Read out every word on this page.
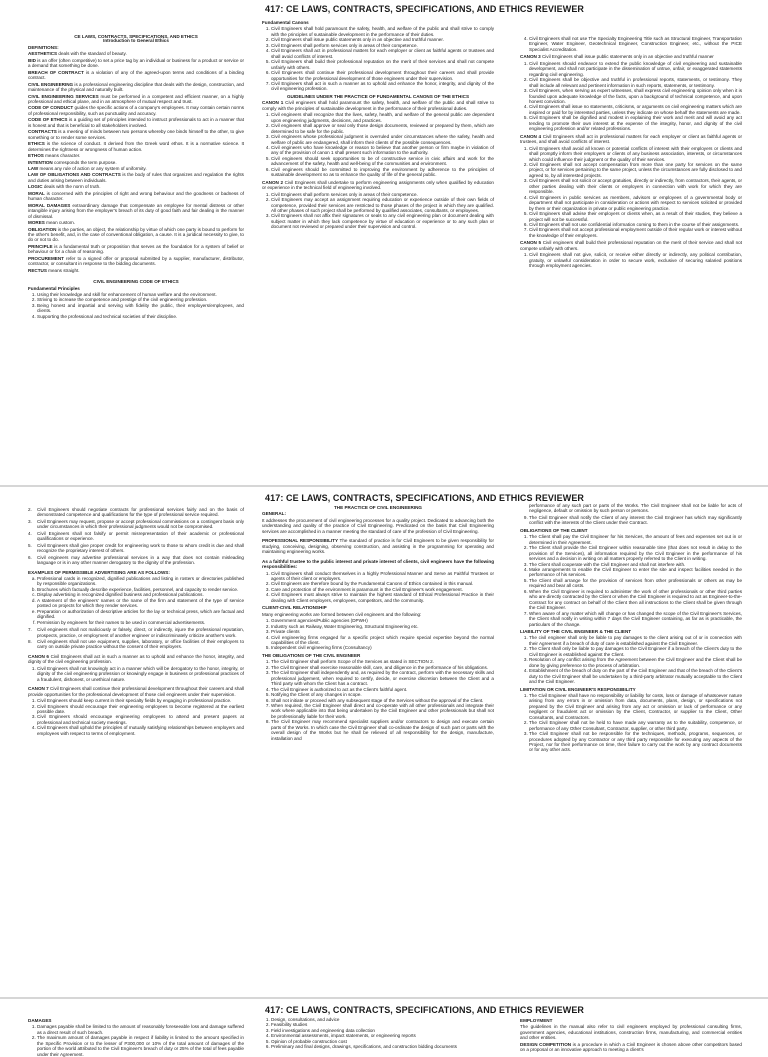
417: CE LAWS, CONTRACTS, SPECIFICATIONS, AND ETHICS REVIEWER

CE LAWS, CONTRACTS, SPECIFICATIONS, AND ETHICS

Introduction to General Ethics

DEFINITIONS:

AESTHETICS deals with the standard of beauty.

BID is an offer (often competitive) to set a price tag by an individual or business for a product or service or a demand that something be done.

BREACH OF CONTRACT is a violation of any of the agreed-upon terms and conditions of a binding contract.

CIVIL ENGINEERING is a professional engineering discipline that deals with the design, construction, and maintenance of the physical and naturally built.

CIVIL ENGINEERING SERVICES must be performed in a competent and efficient manner, on a highly professional and ethical plane, and in an atmosphere of mutual respect and trust.

CODE OF CONDUCT guides the specific actions of a company's employees. It may contain certain norms of professional responsibility, such as punctuality and accuracy.

CODE OF ETHICS is a guiding set of principles intended to instruct professionals to act in a manner that is honest and that is beneficial to all stakeholders involved.

CONTRACTS is a meeting of minds between two persons whereby one binds himself to the other, to give something or to render some services.

ETHICS is the science of conduct. It derived from the Greek word ethos. It is a normative science. It determines the rightness or wrongness of human action.

ETHOS means character.

INTENTION corresponds the term purpose.

LAW means any rule of action or any system of uniformity.

LAW OF OBLIGATIONS AND CONTRACTS is the body of rules that organizes and regulation the rights and duties arising between individuals.

LOGIC deals with the norm of truth.

MORAL is concerned with the principles of right and wrong behaviour and the goodness or badness of human character.

MORAL DAMAGES extraordinary damage that compensate an employee for mental distress or other intangible injury arising from the employer's breach of its duty of good faith and fair dealing in the manner of dismissal.

MORES mean custom.

OBLIGATION is the parties, an object, the relationship by virtue of which one party is bound to perform for the other's benefit, and, in the case of conventional obligation, a cause. It is a juridical necessity to give, to do or not to do.

PRINCIPLE is a fundamental truth or proposition that serves as the foundation for a system of belief or behaviour or for a chain of reasoning.

PROCUREMENT refer to a signed offer or proposal submitted by a supplier, manufacturer, distributor, contractor, or consultant in response to the bidding documents.

RECTUS means straight.

CIVIL ENGINEERING CODE OF ETHICS

Fundamental Principles

1. Using their knowledge and skill for enhancement of human welfare and the environment.
2. Striving to increase the competence and prestige of the civil engineering profession.
3. Being honest and impartial and serving with fidelity the public, their employers/employees, and clients.
4. Supporting the professional and technical societies of their discipline.

Fundamental Canons

1. Civil Engineers shall hold paramount the safety, health, and welfare of the public and shall strive to comply with the principles of sustainable development in the performance of their duties.
2. Civil Engineers shall issue public statements only in an objective and truthful manner.
3. Civil Engineers shall perform services only in areas of their competence.
4. Civil Engineers shall act in professional matters for each employer or client as faithful agents or trustees and shall avoid conflicts of interest.
5. Civil Engineers shall build their professional reputation on the merit of their services and shall not compete unfairly with others.
6. Civil Engineers shall continue their professional development throughout their careers and shall provide opportunities for the professional development of those engineers under their supervision.
7. Civil Engineers shall act in such a manner as to uphold and enhance the honor, integrity, and dignity of the civil engineering profession.

GUIDELINES UNDER THE PRACTICE OF FUNDAMENTAL CANONS OF THE ETHICS

CANON 1 Civil engineers shall hold paramount the safety, health, and welfare of the public and shall strive to comply with the principles of sustainable development in the performance of their professional duties.

1. Civil engineers shall recognize that the lives, safety, health, and welfare of the general public are dependent upon engineering judgments, decisions, and practices.
2. Civil engineers shall approve or seal only those design documents, reviewed or prepared by them, which are determined to be safe for the public.
3. Civil engineers whose professional judgment is overruled under circumstances where the safety, health and welfare of public are endangered, shall inform their clients of the possible consequences.
4. Civil engineers who have knowledge or reason to believe that another person or firm maybe in violation of any of the provision of canon 1 shall present such information to the authority.
5. Civil engineers should seek opportunities to be of constructive service in civic affairs and work for the advancement of the safety, health and well-being of the communities and environment.
6. Civil engineers should be committed to improving the environment by adherence to the principles of sustainable development so as to enhance the quality of life of the general public.

CANON 2 Civil Engineers shall undertake to perform engineering assignments only when qualified by education or experience in the technical field of engineering involved.

1. Civil Engineers shall perform services only in areas of their competence.
2. Civil Engineers may accept an assignment requiring education or experience outside of their own fields of competence, provided their services are restricted to those phases of the project in which they are qualified. All other phases of such project shall be performed by qualified associates, consultants, or employees.
3. Civil Engineers shall not affix their signatures or seals to any civil engineering plan or document dealing with subject matter in which they lack competence by virtue of education or experience or to any such plan or document not reviewed or prepared under their supervision and control.
4. Civil Engineers shall not use The Specialty Engineering Title such as Structural Engineer, Transportation Engineer, Water Engineer, Geotechnical Engineer, Construction Engineer, etc., without the PICE Specialist Accreditation.

CANON 3 Civil Engineers shall issue public statements only in an objective and truthful manner

1. Civil Engineers should endeavor to extend the public knowledge of civil engineering and sustainable development, and shall not participate in the dissemination of untrue, unfair, or exaggerated statements regarding civil engineering.
2. Civil Engineers shall be objective and truthful in professional reports, statements, or testimony. They shall include all relevant and pertinent information in such reports, statements, or testimony.
3. Civil Engineers, when serving as expert witnesses, shall express civil engineering opinion only when it is founded upon adequate knowledge of the facts, upon a background of technical competence, and upon honest conviction.
4. Civil Engineers shall issue no statements, criticisms, or arguments on civil engineering matters which are inspired or paid for by interested parties, unless they indicate on whose behalf the statements are made.
5. Civil Engineers shall be dignified and modest in explaining their work and merit and will avoid any act tending to promote their own interest at the expense of the integrity, honor, and dignity of the civil engineering profession and/or related professions.

CANON 4 Civil Engineers shall act in professional matters for each employer or client as faithful agents or trustees, and shall avoid conflicts of interest.

1. Civil Engineers shall avoid all known or potential conflicts of interest with their employers or clients and shall promptly inform their employers or clients of any business association, interests, or circumstances which could influence their judgment or the quality of their services.
2. Civil Engineers shall not accept compensation from more than one party for services on the same project, or for services pertaining to the same project, unless the circumstances are fully disclosed to and agreed to, by all interested projects.
3. Civil Engineers shall not solicit or accept gratuities, directly or indirectly, from contractors, their agents, or other parties dealing with their clients or employers in connection with work for which they are responsible.
4. Civil Engineers in public services as members, advisors or employees of a governmental body or department shall not participate in consideration or actions with respect to services solicited or provided by them or their organization in private or public engineering practice.
5. Civil Engineers shall advise their employers or clients when, as a result of their studies, they believe a project will not be successful.
6. Civil Engineers shall not use confidential information coming to them in the course of their assignments.
7. Civil Engineers shall not accept professional employment outside of their regular work or interest without the knowledge of their employers.

CANON 5 Civil engineers shall build their professional reputation on the merit of their service and shall not compete unfairly with others.

1. Civil Engineers shall not give, solicit, or receive either directly or indirectly, any political contribution, gratuity, or unlawful consideration in order to secure work, exclusive of securing salaried positions through employment agencies.
417: CE LAWS, CONTRACTS, SPECIFICATIONS, AND ETHICS REVIEWER

2. Civil Engineers should negotiate contracts for professional services fairly and on the basis of demonstrated competence and qualifications for the type of professional service required.

3. Civil Engineers may request, propose or accept professional commissions on a contingent basis only under circumstances in which their professional judgments would not be compromised.

4. Civil Engineers shall not falsify or permit misrepresentation of their academic or professional qualifications or experience.

5. Civil Engineers shall give proper credit for engineering work to those to whom credit is due and shall recognize the proprietary interest of others.

6. Civil engineers may advertise professional services in a way that does not contain misleading language or is in any other manner derogatory to the dignity of the profession.

EXAMPLES OF PERMISSIBLE ADVERTISING ARE AS FOLLOWS:

a. Professional cards in recognized, dignified publications and listing in rosters or directories published by responsible organizations.
b. Brochures which factually describe experience, facilities, personnel, and capacity to render service.
c. Display advertising in recognized dignified business and professional publications.
d. A statement of the engineers' names or the name of the firm and statement of the type of service posted on projects for which they render services.
e. Preparation or authorization of descriptive articles for the lay or technical press, which are factual and dignified.
f. Permission by engineers for their names to be used in commercial advertisements.

7. Civil engineers shall not maliciously or falsely, direct, or indirectly, injure the professional reputation, prospects, practice, or employment of another engineer or indiscriminately criticize another's work.

8. Civil engineers shall not use equipment, supplies, laboratory, or office facilities of their employers to carry on outside private practice without the consent of their employers.

CANON 6 Civil Engineers shall act in such a manner as to uphold and enhance the honor, integrity, and dignity of the civil engineering profession.

1. Civil Engineers shall not knowingly act in a manner which will be derogatory to the honor, integrity, or dignity of the civil engineering profession or knowingly engage in business or professional practices of a fraudulent, dishonest, or unethical nature.

CANON 7 Civil Engineers shall continue their professional development throughout their careers and shall provide opportunities for the professional development of those civil engineers under their supervision.

1. Civil Engineers should keep current in their specialty fields by engaging in professional practice.
2. Civil Engineers should encourage their engineering employees to become registered at the earliest possible date.
3. Civil Engineers should encourage engineering employees to attend and present papers at professional and technical society meetings.
4. Civil Engineers shall uphold the principles of mutually satisfying relationships between employers and employees with respect to terms of employment.

THE PRACTICE OF CIVIL ENGINEERING

GENERAL:

It addresses the procurement of civil engineering processes for a quality project. Dedicated to advancing both the understanding and quality of the practice of Civil Engineering. Predicated on the basis that Civil Engineering services are accomplished in a manner meeting the standard of care of the profession of Civil Engineering.

PROFESSIONAL RESPONSIBILITY The standard of practice is for Civil Engineers to be given responsibility for studying, conceiving, designing, observing construction, and assisting in the programming for operating and maintaining engineering works.

As a faithful trustee to the public interest and private interest of clients, civil engineers have the following responsibilities:

1. Civil Engineers shall conduct themselves in a highly Professional Manner and Serve as Faithful Trustees or agents of their client or employers.
2. Civil Engineers are therefore bound by the Fundamental Canons of Ethics contained in this manual.
3. Care and protection of the environment is paramount in the Civil Engineer's work engagement.
4. Civil Engineers must always strive to maintain the highest standard of Ethical Professional Practice in their dealing with Client employers, employees, competitors, and the community.

CLIENT-CIVIL RELATIONSHIP

Many engineering works are formed between civil engineers and the following:

1. Government agencies/Public agencies (DPWH)
2. Industry such as Railway, Water Engineering, Structural Engineering etc.
3. Private clients
4. Civil engineering firms engaged for a specific project which require special expertise beyond the normal capabilities of the client.
5. Independent civil engineering firms (Consultancy)

THE OBLIGATIONS OF THE CIVIL ENGINEER

1. The Civil Engineer shall perform Scope of the Services as stated in SECTION 2.
2. The Civil Engineer shall exercise reasonable skill, care, and diligence in the performance of his obligations.
3. The Civil Engineer shall independently and, as required by the contract, perform with the necessary skills and professional judgement, when required to certify, decide, or exercise discretion between the Client and a Third party with whom the Client has a contract.
4. The Civil Engineer is authorized to act as the Client's faithful agent.
5. Notifying the Client of any changes in scope.
6. Shall not initiate or proceed with any subsequent stage of the Services without the approval of the Client.
7. When required, the Civil Engineer shall direct and co-operate with all other professionals and integrate their work where applicable into that being undertaken by the Civil Engineer and other professionals but shall not be professionally liable for their work.
8. The Civil Engineer may recommend specialist suppliers and/or contractors to design and execute certain parts of the Works. In which case the Civil Engineer shall co-ordinate the design of such part or parts with the overall design of the Works but he shall be relieved of all responsibility for the design, manufacture, installation and

performance of any such part or parts of the Works. The Civil Engineer shall not be liable for acts of negligence, default or omission by such person or persons.

9. The Civil Engineer shall notify the Client of any interest the Civil Engineer has which may significantly conflict with the interests of the Client under their Contract.

OBLIGATIONS OF THE CLIENT

1. The Client shall pay the Civil Engineer for his Services, the amount of fees and expenses set out in or determined in their Agreement.
2. The Client shall provide the Civil Engineer within reasonable time (that does not result in delay to the provision of the Services), all information required by the Civil Engineer in the performance of his services and a decision in writing on all matters properly referred to the Client in writing.
3. The Client shall cooperate with the Civil Engineer and shall not interfere with.
4. Make arrangements to enable the Civil Engineer to enter the site and inspect facilities needed in the performance of his services.
5. The Client shall arrange for the provision of services from other professionals or others as may be required and bear all costs.
6. When the Civil Engineer is required to administer the work of other professionals or other third parties who are directly contracted by the Client or when the Civil Engineer is required to act as Engineer-to-the-Contract for any contract on behalf of the Client then all instructions to the Client shall be given through the Civil Engineer.
7. When aware of any matter which will change or has changed the scope of the Civil Engineer's Services, the Client shall notify in writing within 7 days the Civil Engineer containing, as far as is practicable, the particulars of the change.

LIABILITY OF THE CIVIL ENGINEER & THE CLIENT

1. The civil engineer shall only be liable to pay damages to the client arising out of or in connection with their Agreement if a breach of duty of care is established against the Civil Engineer.
2. The Client shall only be liable to pay damages to the Civil Engineer if a breach of the Client's duty to the Civil Engineer is established against the Client.
3. Resolution of any conflict arising from the Agreement between the Civil Engineer and the Client shall be done by giving preference to the process of arbitration.
4. Establishment of the breach of duty on the part of the Civil Engineer and that of the breach of the Client's duty to the Civil Engineer shall be undertaken by a third-party arbitrator mutually acceptable to the Client and the Civil Engineer.

LIMITATION OR CIVIL ENGINEER'S RESPONSIBILITY

1. The Civil Engineer shall have no responsibility or liability for costs, loss or damage of whatsoever nature arising from any errors in or omission from data, documents, plans, design, or specifications not prepared by the Civil Engineer and arising from any act or omission or lack of performance or any negligent or fraudulent act or omission by the Client, Contractor, or supplier to the Client, Other Consultants, and Contractors.
2. The Civil Engineer shall not be held to have made any warranty as to the suitability, competence, or performance of any Other Consultant, Contractor, supplier, or other third party.
3. The Civil Engineer shall not be responsible for the techniques, methods, programs, sequences, or procedures adopted by any Contractor or any third party responsible for executing any aspects of the Project, nor for their performance on time, their failure to carry out the work by any contract documents or for any other acts.
417: CE LAWS, CONTRACTS, SPECIFICATIONS, AND ETHICS REVIEWER

DAMAGES

1. Damages payable shall be limited to the amount of reasonably foreseeable loss and damage suffered as a direct result of such breach.
2. The maximum amount of damages payable in respect if liability is limited to the amount specified in the Specific Provision or to the lesser of P300,000 or 10% of the total amount of damages of the portion of the world attributed to the Civil Engineer's breach of duty or 25% of the total of fees payable under their Agreement.
1. Design, consultations, and advice
2. Feasibility studies
3. Field investigations and engineering data collection
4. Environmental assessments, impact statements, or engineering reports
5. Opinion of probable construction cost
6. Preliminary and final designs, drawings, specifications, and construction bidding documents

EMPLOYMENT

The guidelines in the manual also refer to civil engineers employed by professional consulting firms, government agencies, educational institutions, construction firms, manufacturing, and commercial entities and other entities.

DESIGN COMPETITION is a procedure in which a Civil Engineer is chosen above other competitors based on a proposal or an innovative approach to meeting a client's
